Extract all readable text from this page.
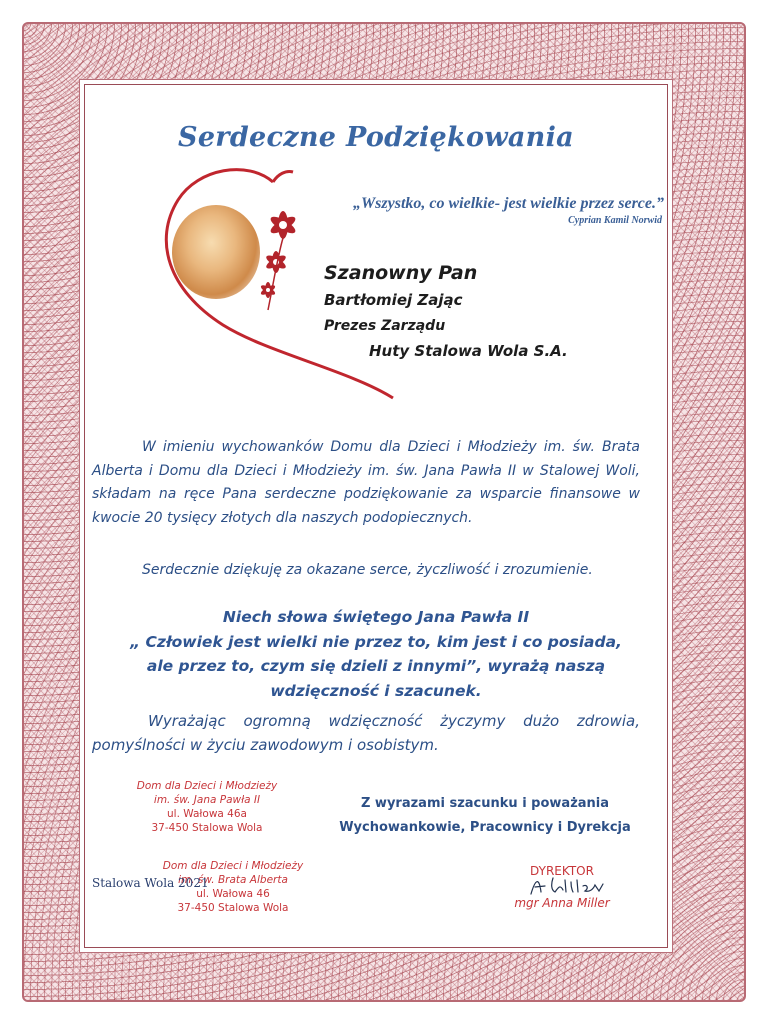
Serdeczne Podziękowania
„Wszystko, co wielkie- jest wielkie przez serce.”
Cyprian Kamil Norwid
Szanowny Pan
Bartłomiej Zając
Prezes Zarządu
Huty Stalowa Wola S.A.
W imieniu wychowanków Domu dla Dzieci i Młodzieży im. św. Brata Alberta i Domu dla Dzieci i Młodzieży im. św. Jana Pawła II w Stalowej Woli, składam na ręce Pana serdeczne podziękowanie za wsparcie finansowe w kwocie 20 tysięcy złotych dla naszych podopiecznych.
Serdecznie dziękuję za okazane serce, życzliwość i zrozumienie.
Niech słowa świętego Jana Pawła II
„ Człowiek jest wielki nie przez to, kim jest i co posiada,
ale przez to, czym się dzieli z innymi”, wyrażą naszą
wdzięczność i szacunek.
Wyrażając ogromną wdzięczność życzymy dużo zdrowia, pomyślności w życiu zawodowym i osobistym.
Dom dla Dzieci i Młodzieży
im. św. Jana Pawła II
ul. Wałowa 46a
37-450 Stalowa Wola
Z wyrazami szacunku i poważania
Wychowankowie, Pracownicy i Dyrekcja
Dom dla Dzieci i Młodzieży
im. św. Brata Alberta
ul. Wałowa 46
37-450 Stalowa Wola
Stalowa Wola 2021
DYREKTOR
mgr Anna Miller
